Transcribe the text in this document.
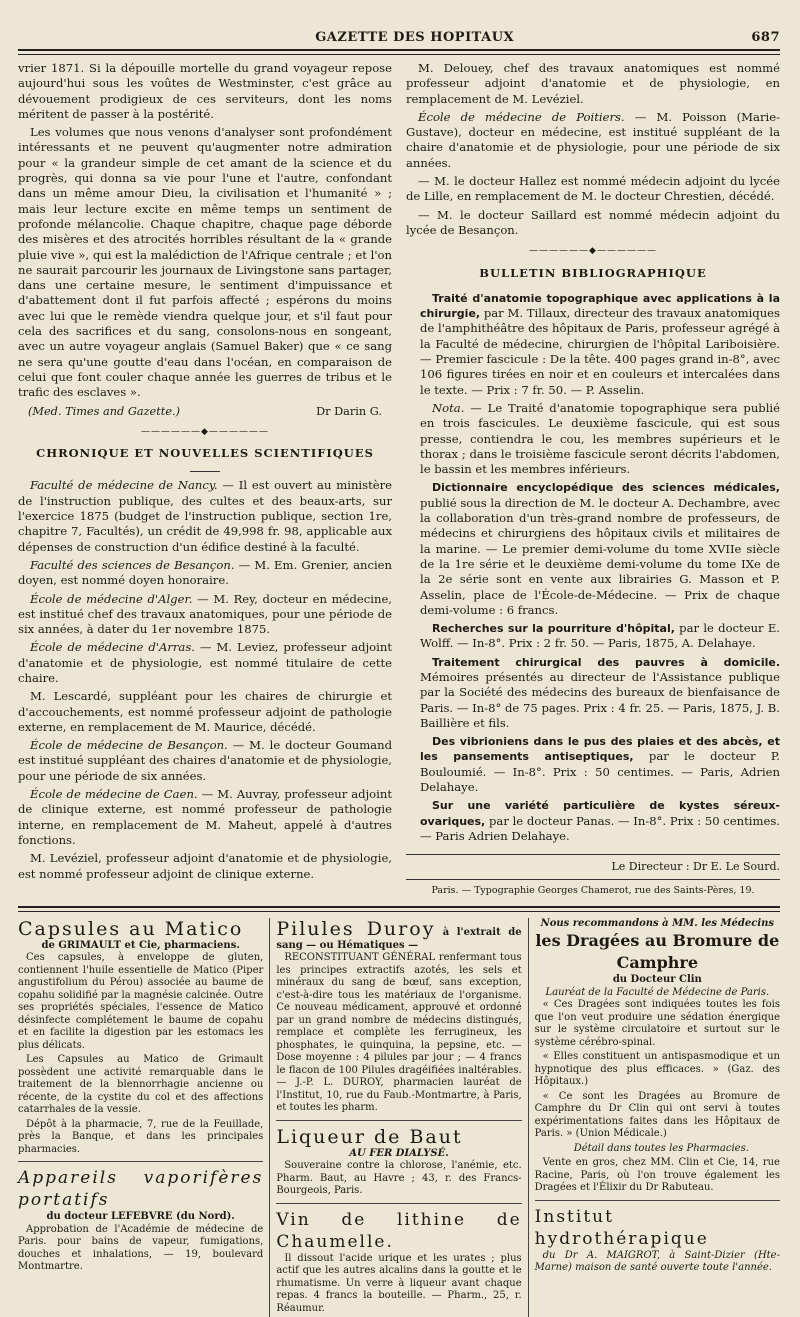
GAZETTE DES HOPITAUX	687

vrier 1871. Si la dépouille mortelle du grand voyageur repose aujourd'hui sous les voûtes de Westminster, c'est grâce au dévouement prodigieux de ces serviteurs, dont les noms méritent de passer à la postérité.

Les volumes que nous venons d'analyser sont profondément intéressants et ne peuvent qu'augmenter notre admiration pour « la grandeur simple de cet amant de la science et du progrès, qui donna sa vie pour l'une et l'autre, confondant dans un même amour Dieu, la civilisation et l'humanité » ; mais leur lecture excite en même temps un sentiment de profonde mélancolie. Chaque chapitre, chaque page déborde des misères et des atrocités horribles résultant de la « grande pluie vive », qui est la malédiction de l'Afrique centrale ; et l'on ne saurait parcourir les journaux de Livingstone sans partager, dans une certaine mesure, le sentiment d'impuissance et d'abattement dont il fut parfois affecté ; espérons du moins avec lui que le remède viendra quelque jour, et s'il faut pour cela des sacrifices et du sang, consolons-nous en songeant, avec un autre voyageur anglais (Samuel Baker) que « ce sang ne sera qu'une goutte d'eau dans l'océan, en comparaison de celui que font couler chaque année les guerres de tribus et le trafic des esclaves ».

(Med. Times and Gazette.)	Dr Darin G.
——————◆——————
CHRONIQUE ET NOUVELLES SCIENTIFIQUES

Faculté de médecine de Nancy. — Il est ouvert au ministère de l'instruction publique, des cultes et des beaux-arts, sur l'exercice 1875 (budget de l'instruction publique, section 1re, chapitre 7, Facultés), un crédit de 49,998 fr. 98, applicable aux dépenses de construction d'un édifice destiné à la faculté.

Faculté des sciences de Besançon. — M. Em. Grenier, ancien doyen, est nommé doyen honoraire.

École de médecine d'Alger. — M. Rey, docteur en médecine, est institué chef des travaux anatomiques, pour une période de six années, à dater du 1er novembre 1875.

École de médecine d'Arras. — M. Leviez, professeur adjoint d'anatomie et de physiologie, est nommé titulaire de cette chaire.

M. Lescardé, suppléant pour les chaires de chirurgie et d'accouchements, est nommé professeur adjoint de pathologie externe, en remplacement de M. Maurice, décédé.

École de médecine de Besançon. — M. le docteur Goumand est institué suppléant des chaires d'anatomie et de physiologie, pour une période de six années.

École de médecine de Caen. — M. Auvray, professeur adjoint de clinique externe, est nommé professeur de pathologie interne, en remplacement de M. Maheut, appelé à d'autres fonctions.

M. Levéziel, professeur adjoint d'anatomie et de physiologie, est nommé professeur adjoint de clinique externe.

M. Delouey, chef des travaux anatomiques est nommé professeur adjoint d'anatomie et de physiologie, en remplacement de M. Levéziel.

École de médecine de Poitiers. — M. Poisson (Marie-Gustave), docteur en médecine, est institué suppléant de la chaire d'anatomie et de physiologie, pour une période de six années.

— M. le docteur Hallez est nommé médecin adjoint du lycée de Lille, en remplacement de M. le docteur Chrestien, décédé.

— M. le docteur Saillard est nommé médecin adjoint du lycée de Besançon.

——————◆——————
BULLETIN BIBLIOGRAPHIQUE

Traité d'anatomie topographique avec applications à la chirurgie, par M. Tillaux, directeur des travaux anatomiques de l'amphithéâtre des hôpitaux de Paris, professeur agrégé à la Faculté de médecine, chirurgien de l'hôpital Lariboisière. — Premier fascicule : De la tête. 400 pages grand in-8°, avec 106 figures tirées en noir et en couleurs et intercalées dans le texte. — Prix : 7 fr. 50. — P. Asselin.

Nota. — Le Traité d'anatomie topographique sera publié en trois fascicules. Le deuxième fascicule, qui est sous presse, contiendra le cou, les membres supérieurs et le thorax ; dans le troisième fascicule seront décrits l'abdomen, le bassin et les membres inférieurs.

Dictionnaire encyclopédique des sciences médicales, publié sous la direction de M. le docteur A. Dechambre, avec la collaboration d'un très-grand nombre de professeurs, de médecins et chirurgiens des hôpitaux civils et militaires de la marine. — Le premier demi-volume du tome XVIIe siècle de la 1re série et le deuxième demi-volume du tome IXe de la 2e série sont en vente aux librairies G. Masson et P. Asselin, place de l'École-de-Médecine. — Prix de chaque demi-volume : 6 francs.

Recherches sur la pourriture d'hôpital, par le docteur E. Wolff. — In-8°. Prix : 2 fr. 50. — Paris, 1875, A. Delahaye.

Traitement chirurgical des pauvres à domicile. Mémoires présentés au directeur de l'Assistance publique par la Société des médecins des bureaux de bienfaisance de Paris. — In-8° de 75 pages. Prix : 4 fr. 25. — Paris, 1875, J. B. Baillière et fils.

Des vibrioniens dans le pus des plaies et des abcès, et les pansements antiseptiques, par le docteur P. Bouloumié. — In-8°. Prix : 50 centimes. — Paris, Adrien Delahaye.

Sur une variété particulière de kystes séreux-ovariques, par le docteur Panas. — In-8°. Prix : 50 centimes. — Paris Adrien Delahaye.

Le Directeur : Dr E. Le Sourd.
Paris. — Typographie Georges Chamerot, rue des Saints-Pères, 19.
Capsules au Matico
de GRIMAULT et Cie, pharmaciens.

Ces capsules, à enveloppe de gluten, contiennent l'huile essentielle de Matico (Piper angustifolium du Pérou) associée au baume de copahu solidifié par la magnésie calcinée. Outre ses propriétés spéciales, l'essence de Matico désinfecte complétement le baume de copahu et en facilite la digestion par les estomacs les plus délicats.

Les Capsules au Matico de Grimault possèdent une activité remarquable dans le traitement de la blennorrhagie ancienne ou récente, de la cystite du col et des affections catarrhales de la vessie.

Dépôt à la pharmacie, 7, rue de la Feuillade, près la Banque, et dans les principales pharmacies.

Appareils vaporifères portatifs
du docteur LEFEBVRE (du Nord).

Approbation de l'Académie de médecine de Paris. pour bains de vapeur, fumigations, douches et inhalations, — 19, boulevard Montmartre.

Pilules Duroy à l'extrait de sang — ou Hématiques —

RECONSTITUANT GÉNÉRAL renfermant tous les principes extractifs azotés, les sels et minéraux du sang de bœuf, sans exception, c'est-à-dire tous les matériaux de l'organisme. Ce nouveau médicament, approuvé et ordonné par un grand nombre de médecins distingués, remplace et complète les ferrugineux, les phosphates, le quinquina, la pepsine, etc. — Dose moyenne : 4 pilules par jour ; — 4 francs le flacon de 100 Pilules dragéifiées inaltérables. — J.-P. L. DUROY, pharmacien lauréat de l'Institut, 10, rue du Faub.-Montmartre, à Paris, et toutes les pharm.

Liqueur de Baut
AU FER DIALYSÉ.

Souveraine contre la chlorose, l'anémie, etc. Pharm. Baut, au Havre ; 43, r. des Francs-Bourgeois, Paris.

Vin de lithine de Chaumelle.

Il dissout l'acide urique et les urates ; plus actif que les autres alcalins dans la goutte et le rhumatisme. Un verre à liqueur avant chaque repas. 4 francs la bouteille. — Pharm., 25, r. Réaumur.

Nous recommandons à MM. les Médecins
les Dragées au Bromure de Camphre
du Docteur Clin
Lauréat de la Faculté de Médecine de Paris.

« Ces Dragées sont indiquées toutes les fois que l'on veut produire une sédation énergique sur le système circulatoire et surtout sur le système cérébro-spinal.

« Elles constituent un antispasmodique et un hypnotique des plus efficaces. » (Gaz. des Hôpitaux.)

« Ce sont les Dragées au Bromure de Camphre du Dr Clin qui ont servi à toutes expérimentations faites dans les Hôpitaux de Paris. » (Union Médicale.)

Détail dans toutes les Pharmacies.

Vente en gros, chez MM. Clin et Cie, 14, rue Racine, Paris, où l'on trouve également les Dragées et l'Élixir du Dr Rabuteau.

Institut hydrothérapique

du Dr A. MAIGROT, à Saint-Dizier (Hte-Marne) maison de santé ouverte toute l'année.
